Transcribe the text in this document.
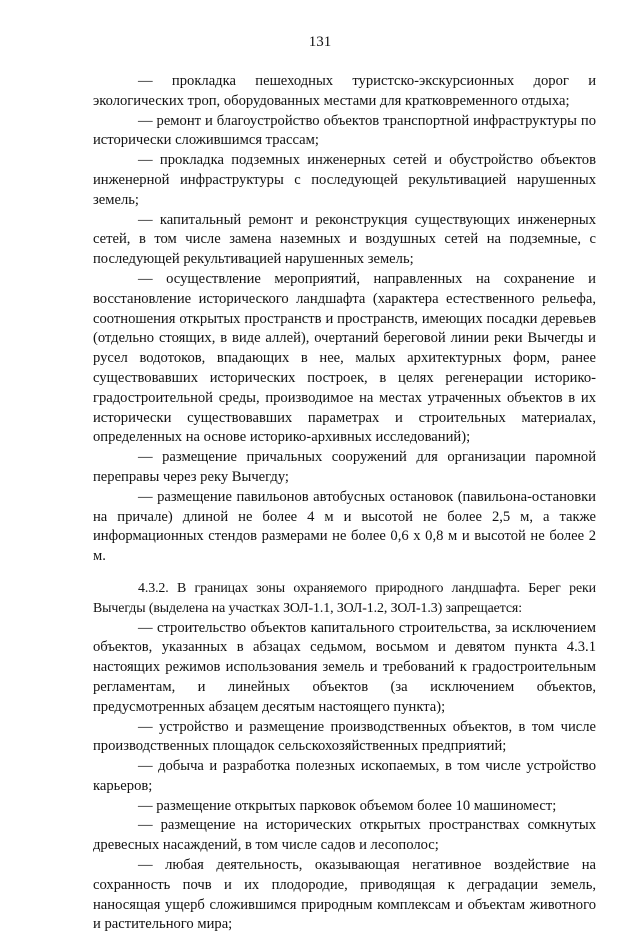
131

— прокладка пешеходных туристско-экскурсионных дорог и экологических троп, оборудованных местами для кратковременного отдыха;

— ремонт и благоустройство объектов транспортной инфраструктуры по исторически сложившимся трассам;

— прокладка подземных инженерных сетей и обустройство объектов инженерной инфраструктуры с последующей рекультивацией нарушенных земель;

— капитальный ремонт и реконструкция существующих инженерных сетей, в том числе замена наземных и воздушных сетей на подземные, с последующей рекультивацией нарушенных земель;

— осуществление мероприятий, направленных на сохранение и восстановление исторического ландшафта (характера естественного рельефа, соотношения открытых пространств и пространств, имеющих посадки деревьев (отдельно стоящих, в виде аллей), очертаний береговой линии реки Вычегды и русел водотоков, впадающих в нее, малых архитектурных форм, ранее существовавших исторических построек, в целях регенерации историко-градостроительной среды, производимое на местах утраченных объектов в их исторически существовавших параметрах и строительных материалах, определенных на основе историко-архивных исследований);

— размещение причальных сооружений для организации паромной переправы через реку Вычегду;

— размещение павильонов автобусных остановок (павильона-остановки на причале) длиной не более 4 м и высотой не более 2,5 м, а также информационных стендов размерами не более 0,6 х 0,8 м и высотой не более 2 м.

4.3.2. В границах зоны охраняемого природного ландшафта. Берег реки Вычегды (выделена на участках ЗОЛ-1.1, ЗОЛ-1.2, ЗОЛ-1.3) запрещается:

— строительство объектов капитального строительства, за исключением объектов, указанных в абзацах седьмом, восьмом и девятом пункта 4.3.1 настоящих режимов использования земель и требований к градостроительным регламентам, и линейных объектов (за исключением объектов, предусмотренных абзацем десятым настоящего пункта);

— устройство и размещение производственных объектов, в том числе производственных площадок сельскохозяйственных предприятий;

— добыча и разработка полезных ископаемых, в том числе устройство карьеров;

— размещение открытых парковок объемом более 10 машиномест;

— размещение на исторических открытых пространствах сомкнутых древесных насаждений, в том числе садов и лесополос;

— любая деятельность, оказывающая негативное воздействие на сохранность почв и их плодородие, приводящая к деградации земель, наносящая ущерб сложившимся природным комплексам и объектам животного и растительного мира;
